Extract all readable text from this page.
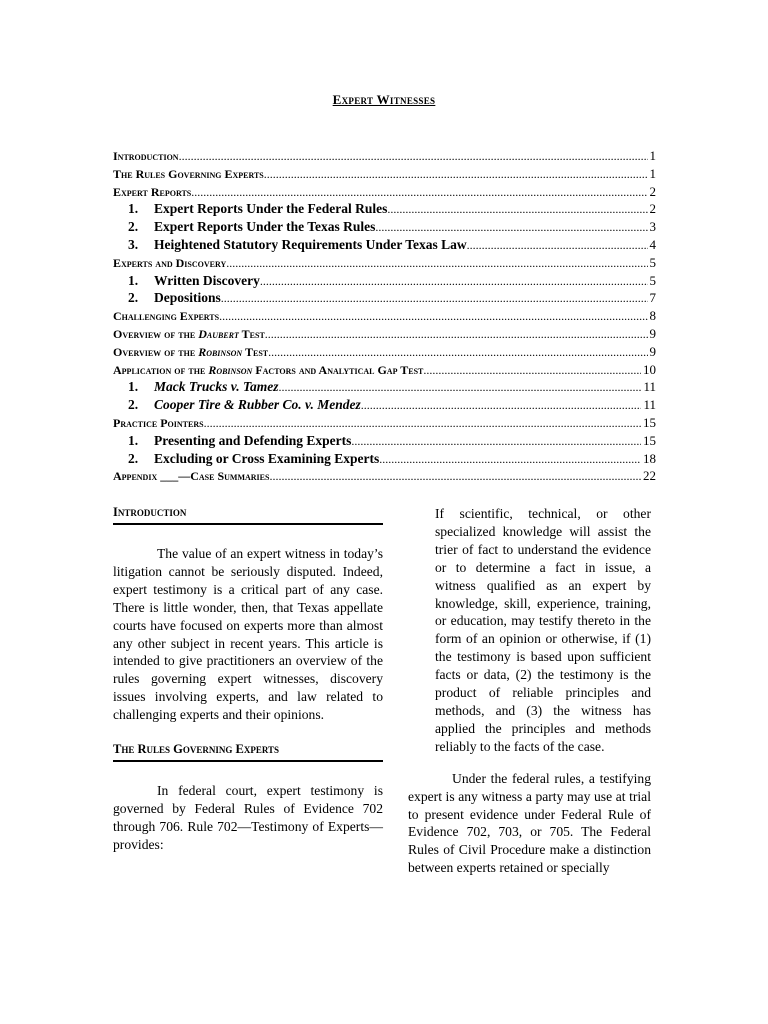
Expert Witnesses
Introduction .....	1
The Rules Governing Experts .....	1
Expert Reports .....	2
1.	Expert Reports Under the Federal Rules .....	2
2.	Expert Reports Under the Texas Rules .....	3
3.	Heightened Statutory Requirements Under Texas Law .....	4
Experts and Discovery .....	5
1.	Written Discovery .....	5
2.	Depositions .....	7
Challenging Experts .....	8
Overview of the Daubert Test .....	9
Overview of the Robinson Test .....	9
Application of the Robinson Factors and Analytical Gap Test .....	10
1.	Mack Trucks v. Tamez .....	11
2.	Cooper Tire & Rubber Co. v. Mendez .....	11
Practice Pointers .....	15
1.	Presenting and Defending Experts .....	15
2.	Excluding or Cross Examining Experts .....	18
Appendix ___—Case Summaries .....	22
Introduction

The value of an expert witness in today’s litigation cannot be seriously disputed. Indeed, expert testimony is a critical part of any case. There is little wonder, then, that Texas appellate courts have focused on experts more than almost any other subject in recent years. This article is intended to give practitioners an overview of the rules governing expert witnesses, discovery issues involving experts, and law related to challenging experts and their opinions.

The Rules Governing Experts

In federal court, expert testimony is governed by Federal Rules of Evidence 702 through 706. Rule 702—Testimony of Experts—provides:

If scientific, technical, or other specialized knowledge will assist the trier of fact to understand the evidence or to determine a fact in issue, a witness qualified as an expert by knowledge, skill, experience, training, or education, may testify thereto in the form of an opinion or otherwise, if (1) the testimony is based upon sufficient facts or data, (2) the testimony is the product of reliable principles and methods, and (3) the witness has applied the principles and methods reliably to the facts of the case.

Under the federal rules, a testifying expert is any witness a party may use at trial to present evidence under Federal Rule of Evidence 702, 703, or 705. The Federal Rules of Civil Procedure make a distinction between experts retained or specially
